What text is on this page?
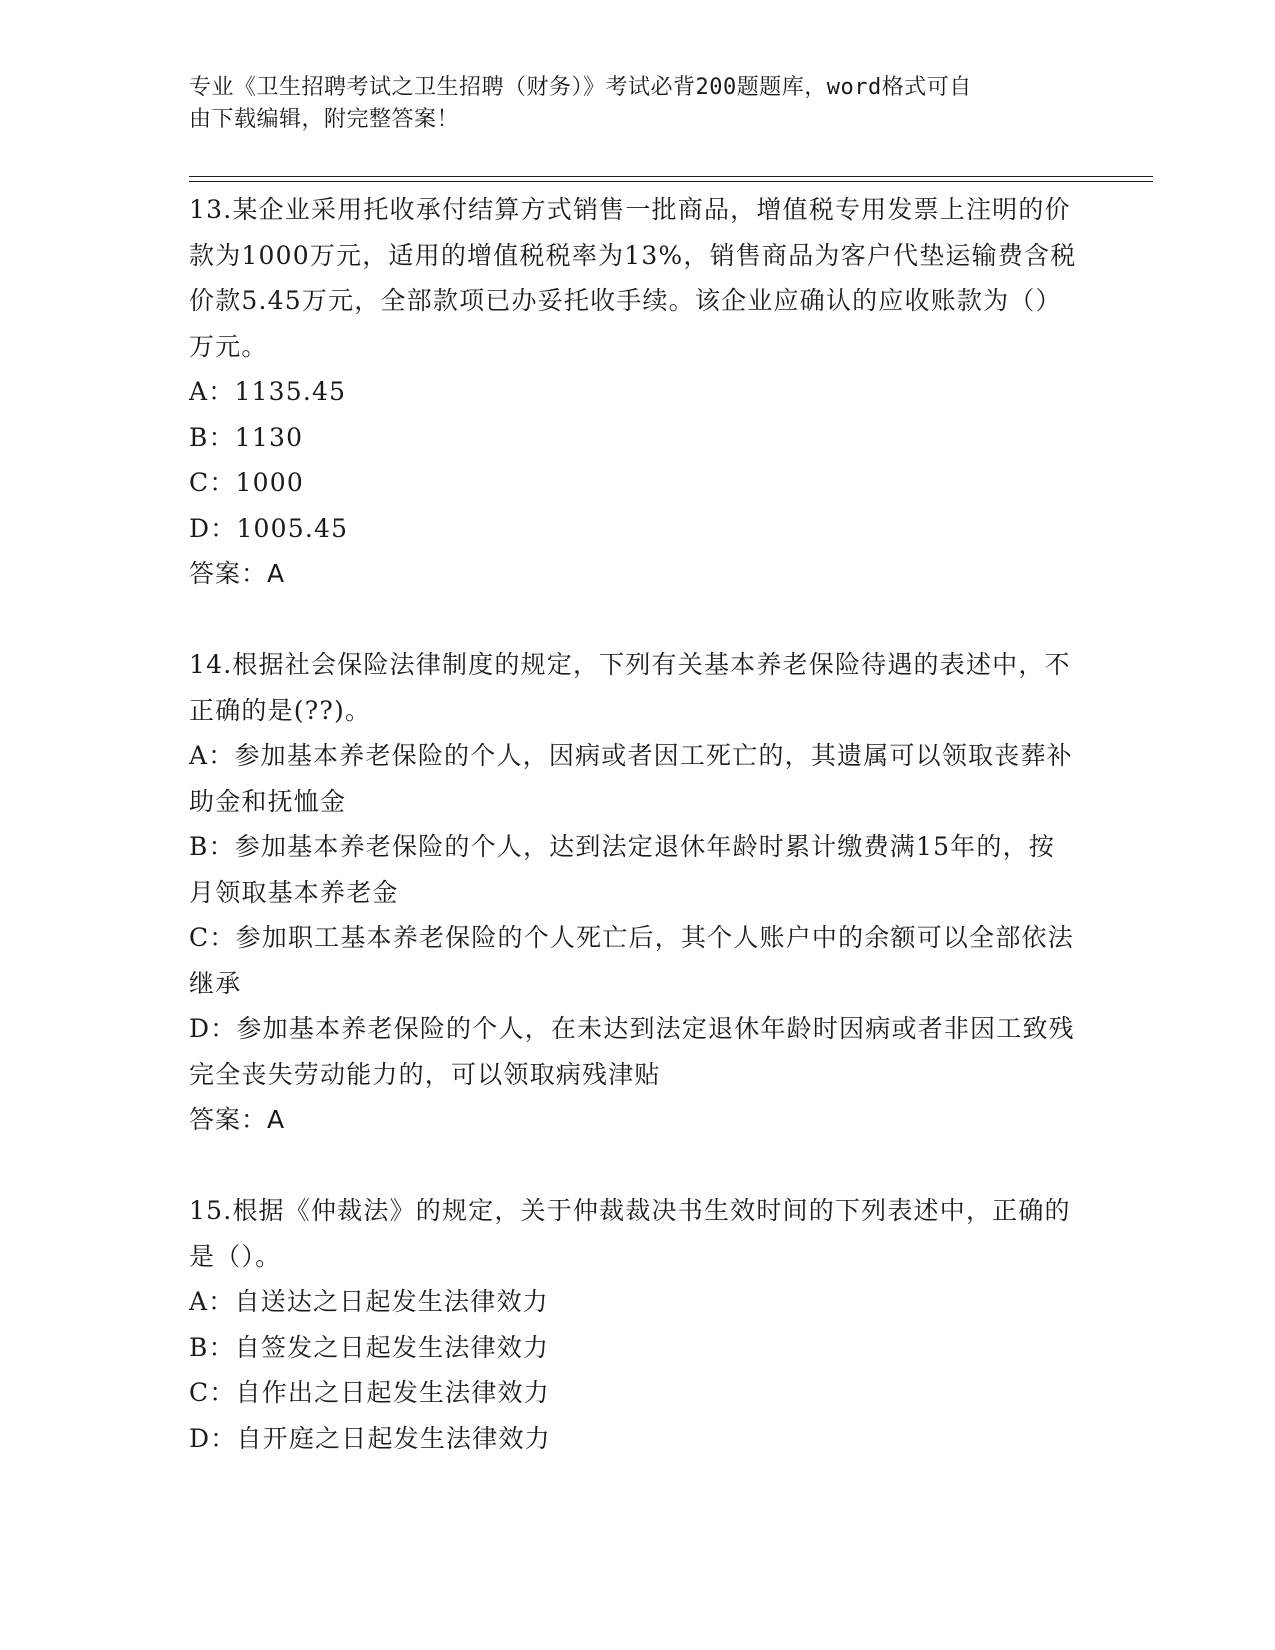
专业《卫生招聘考试之卫生招聘（财务）》考试必背200题题库，word格式可自
由下载编辑，附完整答案！

13.某企业采用托收承付结算方式销售一批商品，增值税专用发票上注明的价款为1000万元，适用的增值税税率为13%，销售商品为客户代垫运输费含税价款5.45万元，全部款项已办妥托收手续。该企业应确认的应收账款为（）万元。

A：1135.45

B：1130

C：1000

D：1005.45

答案：A

14.根据社会保险法律制度的规定，下列有关基本养老保险待遇的表述中，不正确的是(??)。

A：参加基本养老保险的个人，因病或者因工死亡的，其遗属可以领取丧葬补助金和抚恤金

B：参加基本养老保险的个人，达到法定退休年龄时累计缴费满15年的，按月领取基本养老金

C：参加职工基本养老保险的个人死亡后，其个人账户中的余额可以全部依法继承

D：参加基本养老保险的个人，在未达到法定退休年龄时因病或者非因工致残完全丧失劳动能力的，可以领取病残津贴

答案：A

15.根据《仲裁法》的规定，关于仲裁裁决书生效时间的下列表述中，正确的是（）。

A：自送达之日起发生法律效力

B：自签发之日起发生法律效力

C：自作出之日起发生法律效力

D：自开庭之日起发生法律效力
